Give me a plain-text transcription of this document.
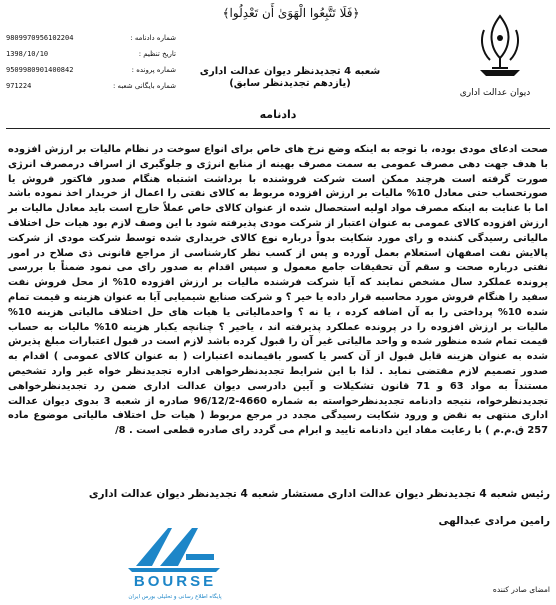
شماره دادنامه :
9809970956102204
تاریخ تنظیم :
1398/10/10
شماره پرونده :
9509980901400842
شماره بایگانی شعبه :
971224
﴿فَلَا تَتَّبِعُوا الْهَوَىٰ أَن تَعْدِلُوا﴾
شعبه 4 تجدیدنظر دیوان عدالت اداری
(یازدهم تجدیدنظر سابق)
دیوان عدالت اداری
دادنامه
صحت ادعای مودی بوده، با توجه به اینکه وضع نرخ های خاص برای انواع سوخت در نظام مالیات بر ارزش افزوده با هدف جهت دهی مصرف عمومی به سمت مصرف بهینه از منابع انرژی و جلوگیری از اسراف درمصرف انرژی صورت گرفته است هرچند ممکن است شرکت فروشنده با برداشت اشتباه هنگام صدور فاکتور فروش یا صورتحساب حتی معادل 10% مالیات بر ارزش افزوده مربوط به کالای نفتی را اعمال از خریدار اخذ نموده باشد اما با عنایت به اینکه مصرف مواد اولیه استحصال شده از عنوان کالای خاص عملاً خارج است باید معادل مالیات بر ارزش افزوده کالای عمومی به عنوان اعتبار از شرکت مودی پذیرفته شود با این وصف لازم بود هیات حل اختلاف مالیاتی رسیدگی کننده و رای مورد شکایت بدواً درباره نوع کالای خریداری شده توسط شرکت مودی از شرکت پالایش نفت اصفهان استعلام بعمل آورده و پس از کسب نظر کارشناسی از مراجع قانونی ذی صلاح در امور نفتی درباره صحت و سقم آن تحقیقات جامع معمول و سپس اقدام به صدور رای می نمود ضمناً با بررسی پرونده عملکرد سال مشخص نمایند که آیا شرکت فرشنده مالیات بر ارزش افزوده 10% از محل فروش نفت سفید را هنگام فروش مورد محاسبه قرار داده یا خیر ؟ و شرکت صنایع شیمیایی آیا به عنوان هزینه و قیمت تمام شده 10% پرداختی را به آن اضافه کرده ، یا نه ؟ واحدمالیاتی یا هیات های حل اختلاف مالیاتی هزینه 10% مالیات بر ارزش افزوده را در پرونده عملکرد پذیرفته اند ، یاخیر ؟ چنانچه یکبار هزینه 10% مالیات به حساب قیمت تمام شده منظور شده و واحد مالیاتی غیر آن را قبول کرده باشد لازم است در قبول اعتبارات مبلغ پذیرش شده به عنوان هزینه قابل قبول از آن کسر یا کسور باقیمانده اعتبارات ( به عنوان کالای عمومی ) اقدام به صدور تصمیم لازم مقتضی نماید . لذا با این شرایط تجدیدنظرخواهی اداره تجدیدنظر خواه غیر وارد تشخیص مستنداً به مواد 63 و 71 قانون تشکیلات و آیین دادرسی دیوان عدالت اداری ضمن رد تجدیدنظرخواهی تجدیدنظرخواه، نتیجه دادنامه تجدیدنظرخواسته به شماره 4660-96/12/2 صادره از شعبه 3 بدوی دیوان عدالت اداری منتهی به نقض و ورود شکایت رسیدگی مجدد در مرجع مربوط ( هیات حل اختلاف مالیاتی موضوع ماده 257 ق.م.م ) با رعایت مفاد این دادنامه تایید و ابرام می گردد رای صادره قطعی است . 8/
رئیس شعبه 4 تجدیدنظر دیوان عدالت اداری مستشار شعبه 4 تجدیدنظر دیوان عدالت اداری
رامین مرادی عبدالهی
BOURSE
پایگاه اطلاع رسانی و تحلیلی بورس ایران
امضای صادر کننده
